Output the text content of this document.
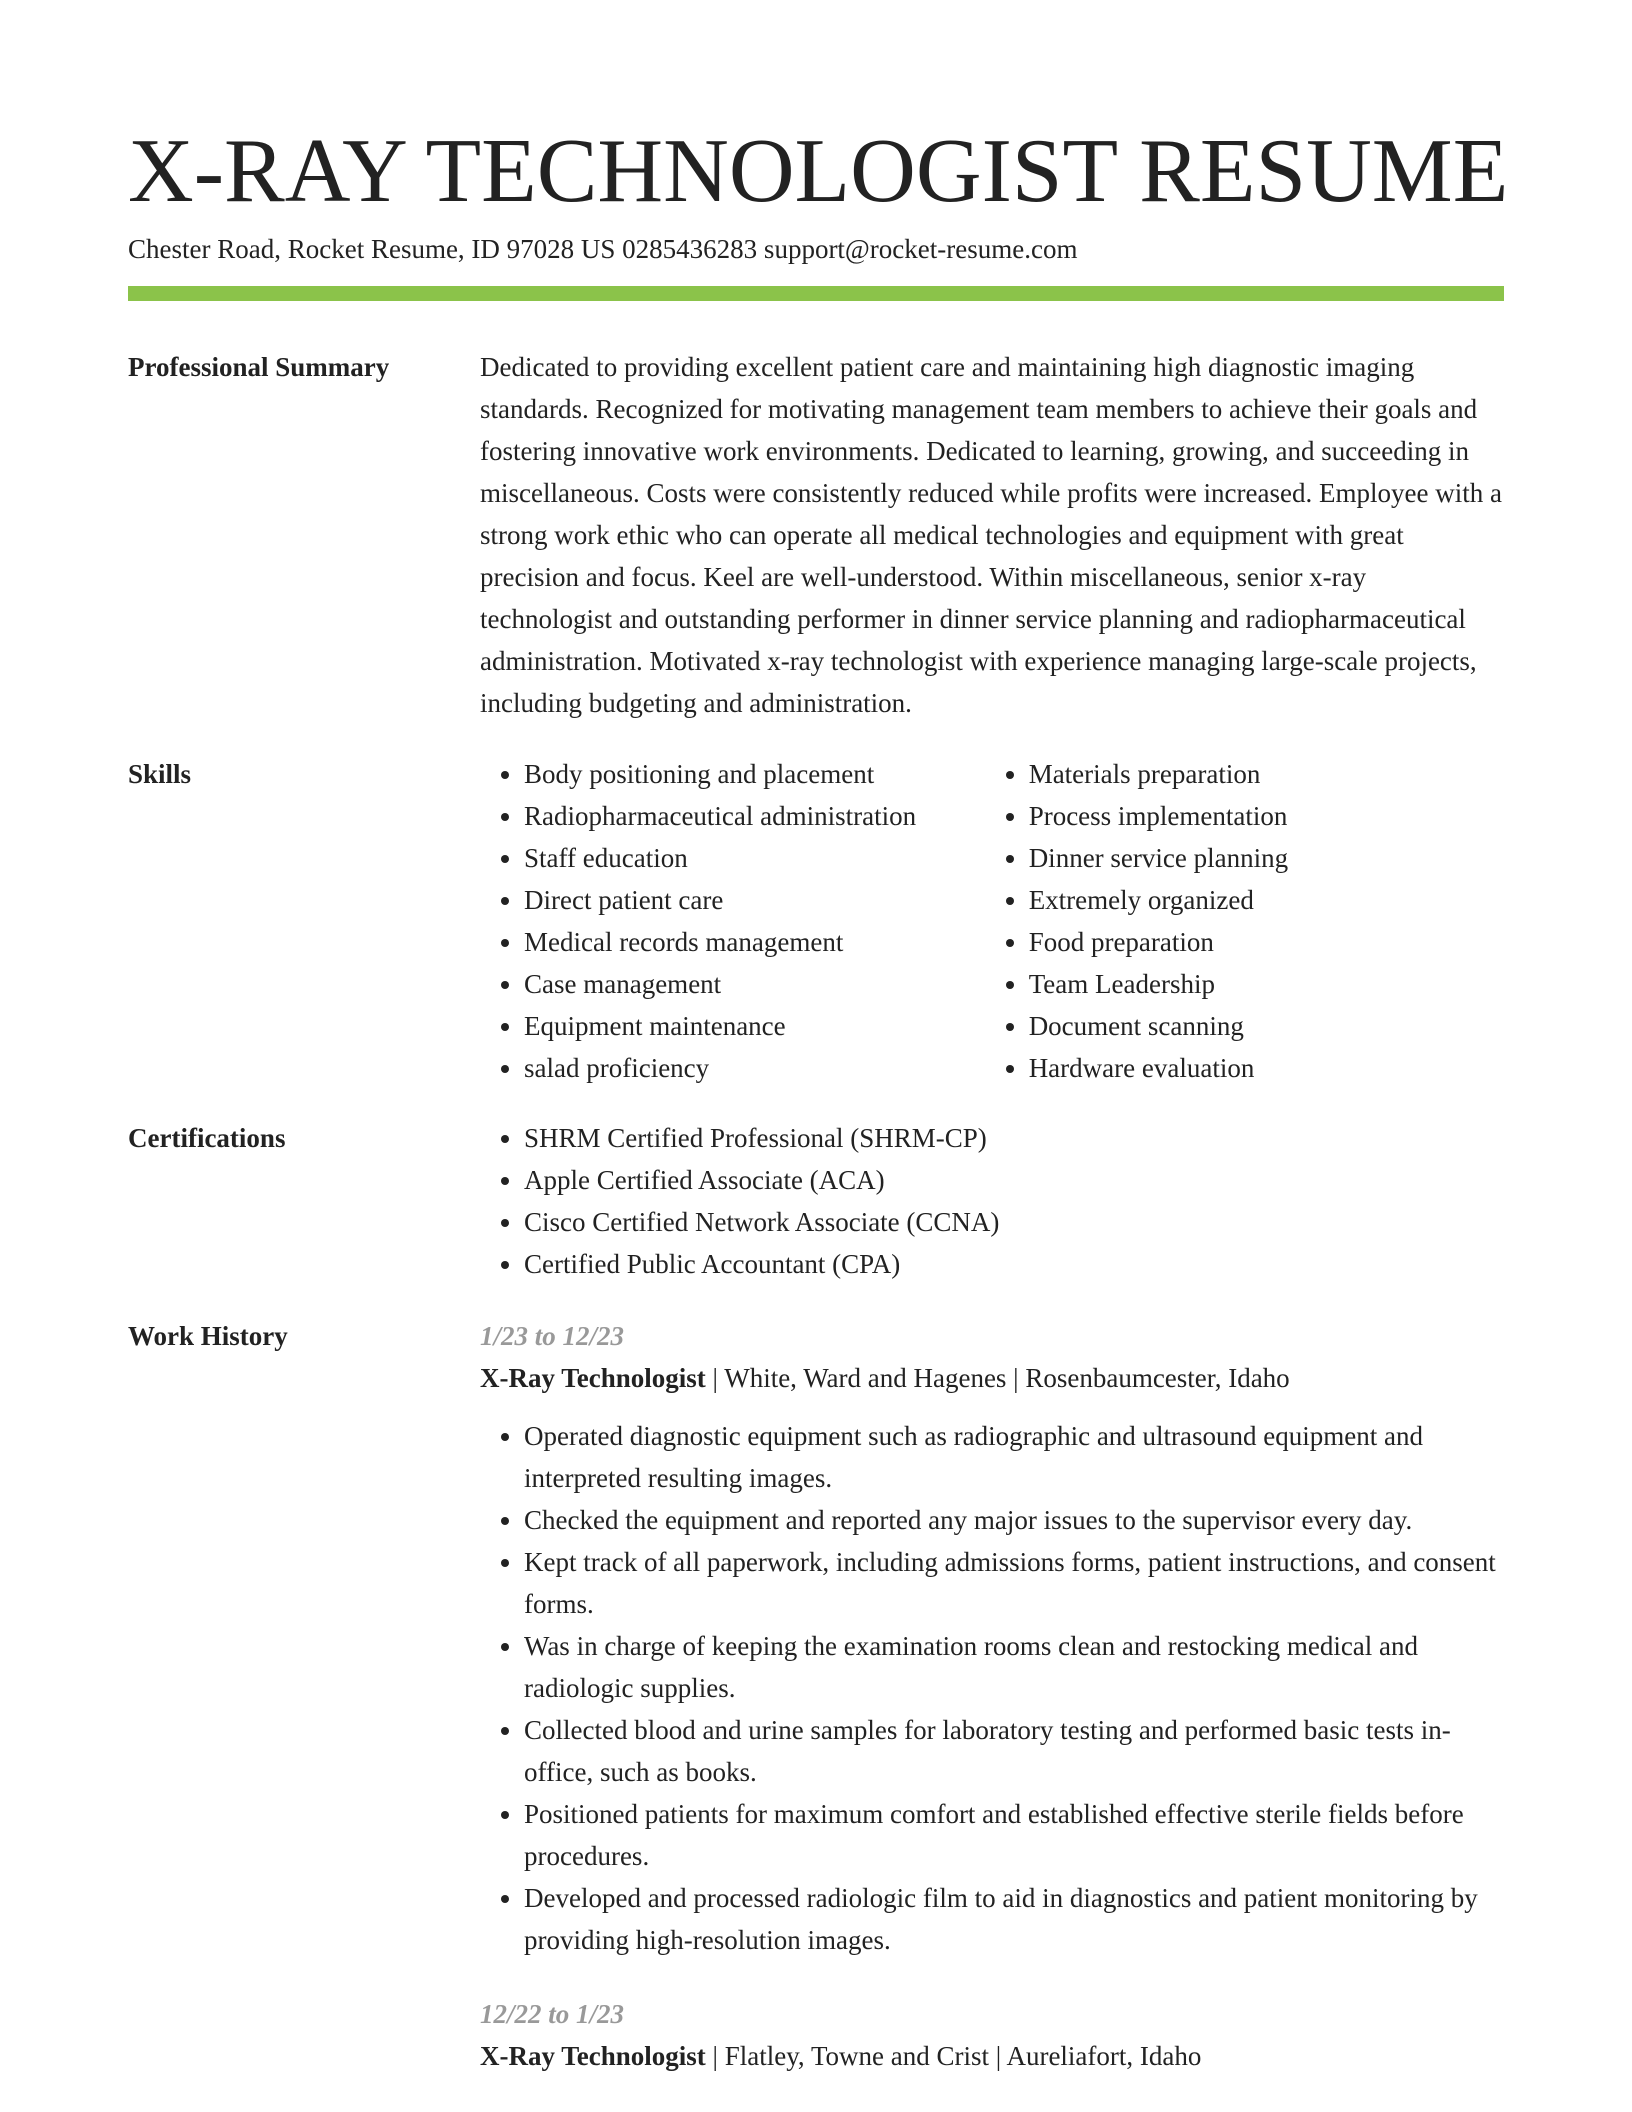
X-RAY TECHNOLOGIST RESUME
Chester Road, Rocket Resume, ID 97028 US 0285436283 support@rocket-resume.com
Professional Summary	Dedicated to providing excellent patient care and maintaining high diagnostic imaging standards. Recognized for motivating management team members to achieve their goals and fostering innovative work environments. Dedicated to learning, growing, and succeeding in miscellaneous. Costs were consistently reduced while profits were increased. Employee with a strong work ethic who can operate all medical technologies and equipment with great precision and focus. Keel are well-understood. Within miscellaneous, senior x-ray technologist and outstanding performer in dinner service planning and radiopharmaceutical administration. Motivated x-ray technologist with experience managing large-scale projects, including budgeting and administration.

Skills	• Body positioning and placement
• Radiopharmaceutical administration
• Staff education
• Direct patient care
• Medical records management
• Case management
• Equipment maintenance
• salad proficiency
• Materials preparation
• Process implementation
• Dinner service planning
• Extremely organized
• Food preparation
• Team Leadership
• Document scanning
• Hardware evaluation
Certifications	• SHRM Certified Professional (SHRM-CP)
• Apple Certified Associate (ACA)
• Cisco Certified Network Associate (CCNA)
• Certified Public Accountant (CPA)
Work History	1/23 to 12/23
X-Ray Technologist | White, Ward and Hagenes | Rosenbaumcester, Idaho
• Operated diagnostic equipment such as radiographic and ultrasound equipment and interpreted resulting images.
• Checked the equipment and reported any major issues to the supervisor every day.
• Kept track of all paperwork, including admissions forms, patient instructions, and consent forms.
• Was in charge of keeping the examination rooms clean and restocking medical and radiologic supplies.
• Collected blood and urine samples for laboratory testing and performed basic tests in-office, such as books.
• Positioned patients for maximum comfort and established effective sterile fields before procedures.
• Developed and processed radiologic film to aid in diagnostics and patient monitoring by providing high-resolution images.
12/22 to 1/23
X-Ray Technologist | Flatley, Towne and Crist | Aureliafort, Idaho
